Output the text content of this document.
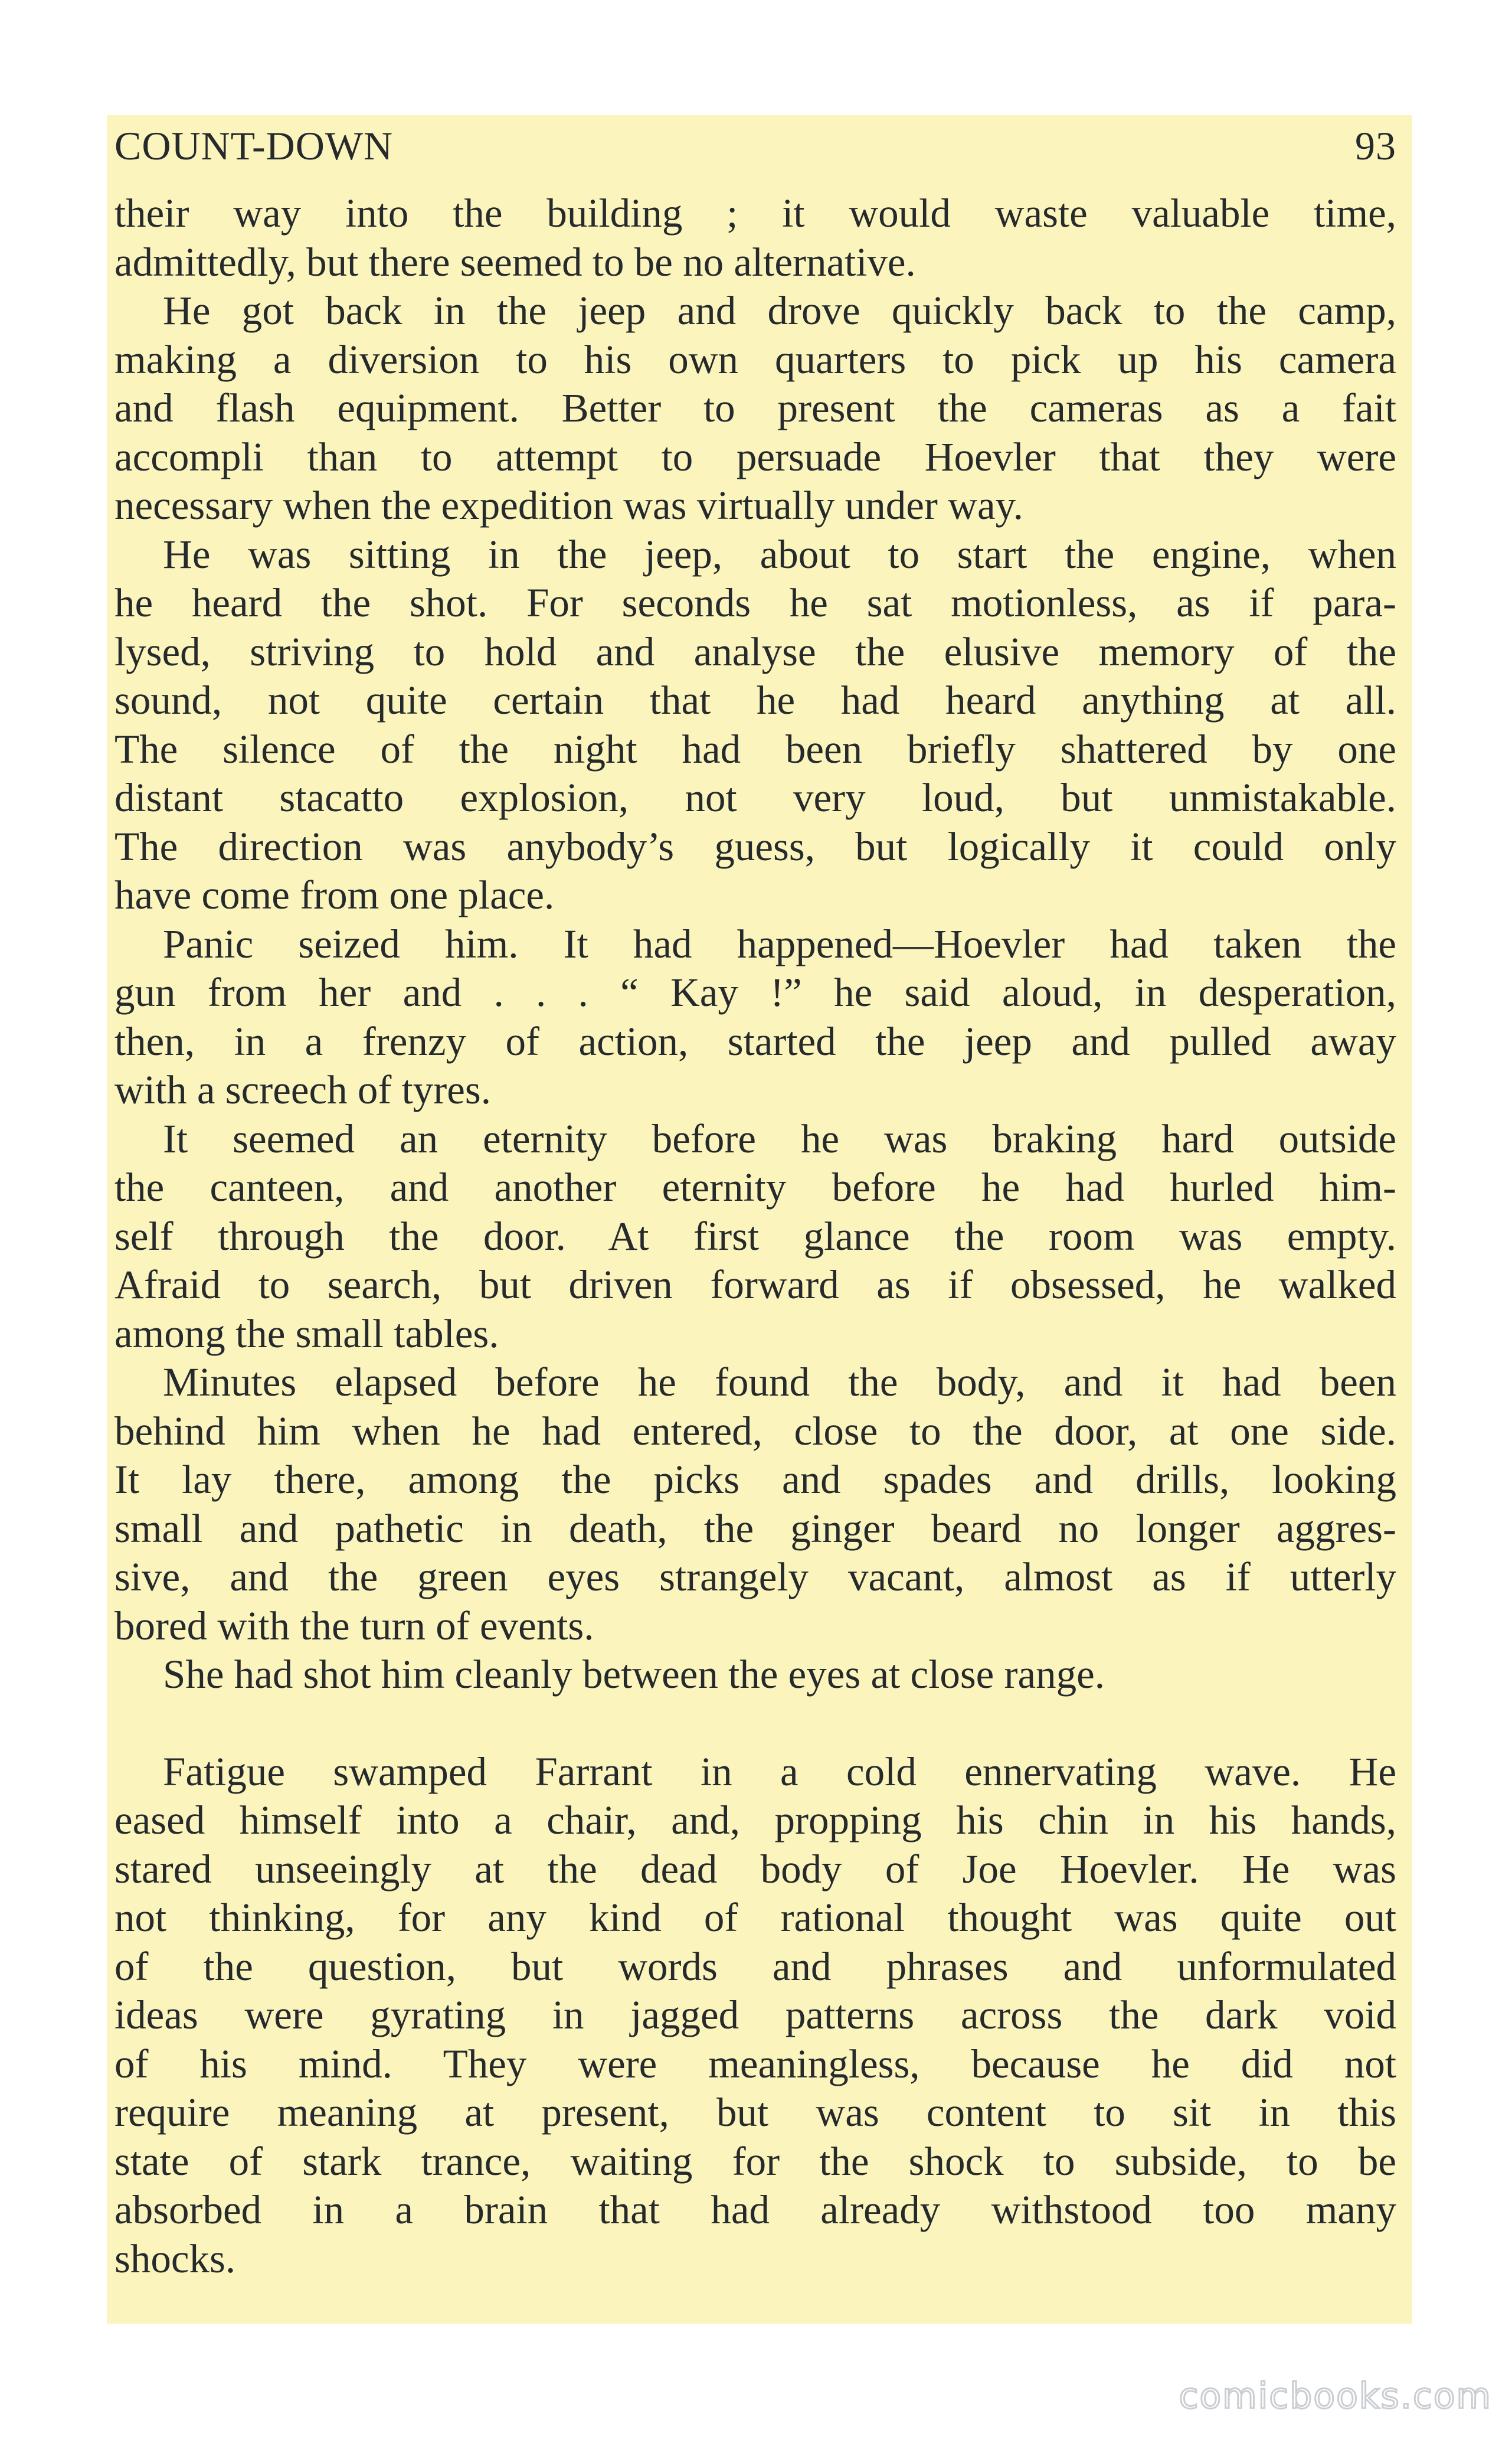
COUNT-DOWN	93
their way into the building ; it would waste valuable time,
admittedly, but there seemed to be no alternative.
He got back in the jeep and drove quickly back to the camp,
making a diversion to his own quarters to pick up his camera
and flash equipment. Better to present the cameras as a fait
accompli than to attempt to persuade Hoevler that they were
necessary when the expedition was virtually under way.
He was sitting in the jeep, about to start the engine, when
he heard the shot. For seconds he sat motionless, as if para-
lysed, striving to hold and analyse the elusive memory of the
sound, not quite certain that he had heard anything at all.
The silence of the night had been briefly shattered by one
distant stacatto explosion, not very loud, but unmistakable.
The direction was anybody’s guess, but logically it could only
have come from one place.
Panic seized him. It had happened—Hoevler had taken the
gun from her and . . . “ Kay !” he said aloud, in desperation,
then, in a frenzy of action, started the jeep and pulled away
with a screech of tyres.
It seemed an eternity before he was braking hard outside
the canteen, and another eternity before he had hurled him-
self through the door. At first glance the room was empty.
Afraid to search, but driven forward as if obsessed, he walked
among the small tables.
Minutes elapsed before he found the body, and it had been
behind him when he had entered, close to the door, at one side.
It lay there, among the picks and spades and drills, looking
small and pathetic in death, the ginger beard no longer aggres-
sive, and the green eyes strangely vacant, almost as if utterly
bored with the turn of events.
She had shot him cleanly between the eyes at close range.
Fatigue swamped Farrant in a cold ennervating wave. He
eased himself into a chair, and, propping his chin in his hands,
stared unseeingly at the dead body of Joe Hoevler. He was
not thinking, for any kind of rational thought was quite out
of the question, but words and phrases and unformulated
ideas were gyrating in jagged patterns across the dark void
of his mind. They were meaningless, because he did not
require meaning at present, but was content to sit in this
state of stark trance, waiting for the shock to subside, to be
absorbed in a brain that had already withstood too many
shocks.
comicbooks.com
